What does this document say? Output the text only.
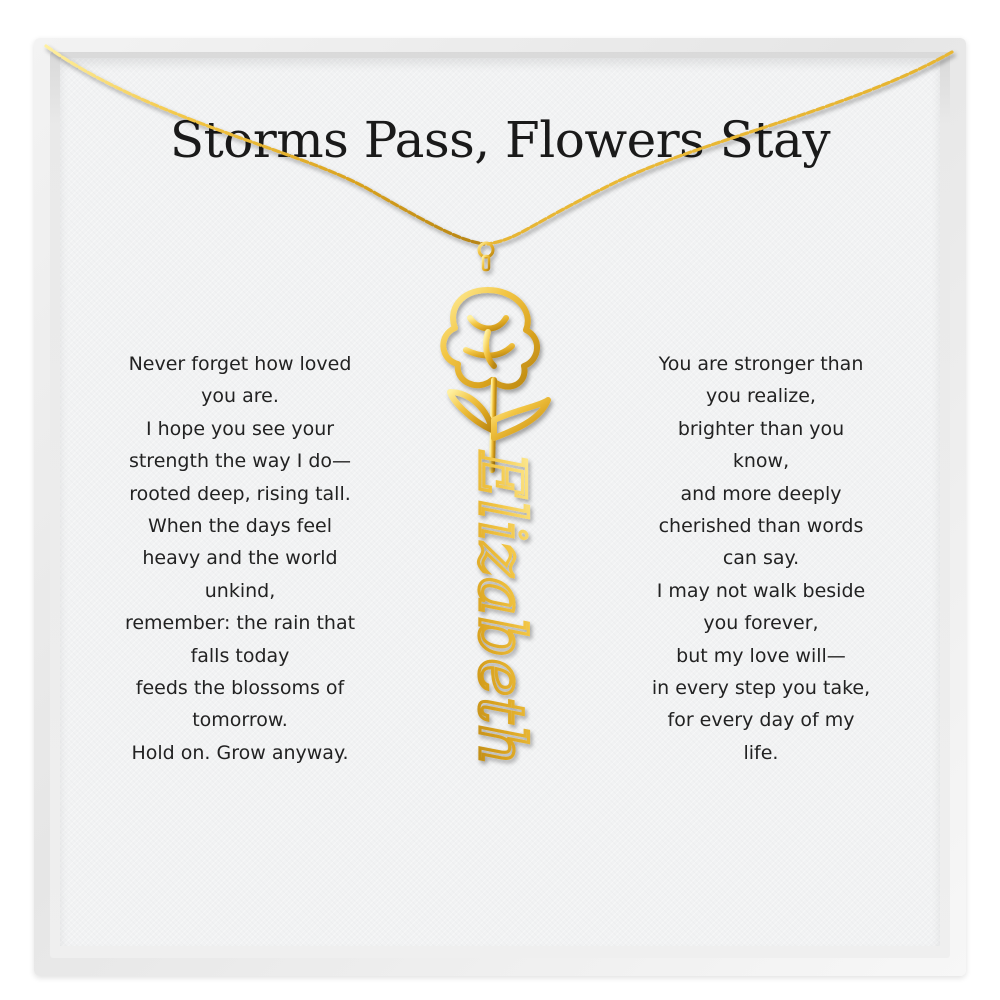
Storms Pass, Flowers Stay
Never forget how loved
you are.
I hope you see your
strength the way I do—
rooted deep, rising tall.
When the days feel
heavy and the world
unkind,
remember: the rain that
falls today
feeds the blossoms of
tomorrow.
Hold on. Grow anyway.
You are stronger than
you realize,
brighter than you
know,
and more deeply
cherished than words
can say.
I may not walk beside
you forever,
but my love will—
in every step you take,
for every day of my
life.
Elizabeth
